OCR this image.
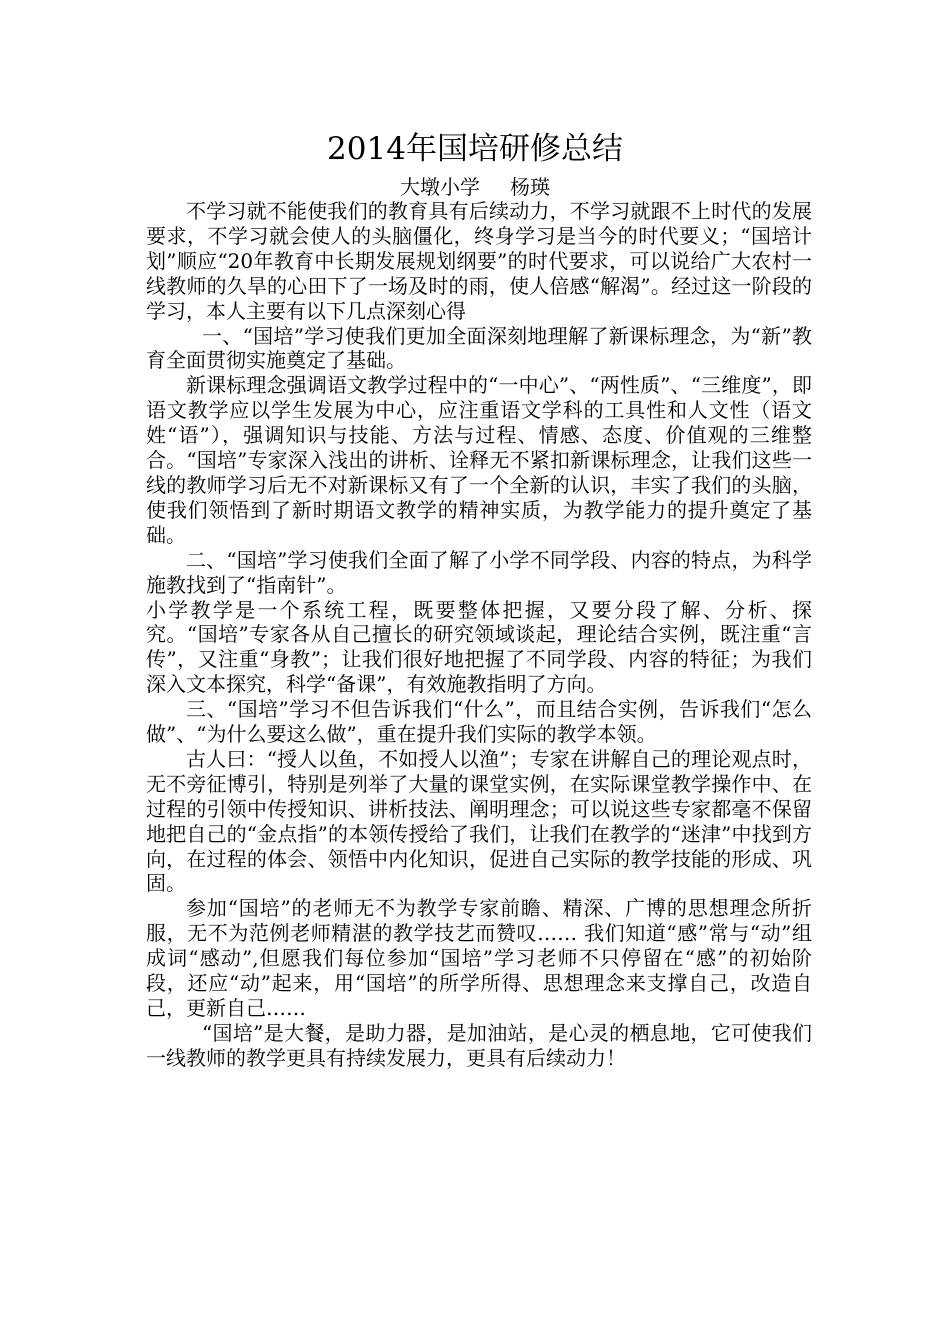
2014年国培研修总结
大墩小学 杨瑛

不学习就不能使我们的教育具有后续动力，不学习就跟不上时代的发展要求，不学习就会使人的头脑僵化，终身学习是当今的时代要义；“国培计划”顺应“20年教育中长期发展规划纲要”的时代要求，可以说给广大农村一线教师的久旱的心田下了一场及时的雨，使人倍感“解渴”。经过这一阶段的学习，本人主要有以下几点深刻心得

一、“国培”学习使我们更加全面深刻地理解了新课标理念，为“新”教育全面贯彻实施奠定了基础。

新课标理念强调语文教学过程中的“一中心”、“两性质”、“三维度”，即语文教学应以学生发展为中心，应注重语文学科的工具性和人文性（语文姓“语”），强调知识与技能、方法与过程、情感、态度、价值观的三维整合。“国培”专家深入浅出的讲析、诠释无不紧扣新课标理念，让我们这些一线的教师学习后无不对新课标又有了一个全新的认识，丰实了我们的头脑，使我们领悟到了新时期语文教学的精神实质，为教学能力的提升奠定了基础。

二、“国培”学习使我们全面了解了小学不同学段、内容的特点，为科学施教找到了“指南针”。

小学教学是一个系统工程，既要整体把握，又要分段了解、分析、探究。“国培”专家各从自己擅长的研究领域谈起，理论结合实例，既注重“言传”，又注重“身教”；让我们很好地把握了不同学段、内容的特征；为我们深入文本探究，科学“备课”，有效施教指明了方向。

三、“国培”学习不但告诉我们“什么”，而且结合实例，告诉我们“怎么做”、“为什么要这么做”，重在提升我们实际的教学本领。

古人曰：“授人以鱼，不如授人以渔”；专家在讲解自己的理论观点时，无不旁征博引，特别是列举了大量的课堂实例，在实际课堂教学操作中、在过程的引领中传授知识、讲析技法、阐明理念；可以说这些专家都毫不保留地把自己的“金点指”的本领传授给了我们，让我们在教学的“迷津”中找到方向，在过程的体会、领悟中内化知识，促进自己实际的教学技能的形成、巩固。

参加“国培”的老师无不为教学专家前瞻、精深、广博的思想理念所折服，无不为范例老师精湛的教学技艺而赞叹…… 我们知道“感”常与“动”组成词“感动”,但愿我们每位参加“国培”学习老师不只停留在“感”的初始阶段，还应“动”起来，用“国培”的所学所得、思想理念来支撑自己，改造自己，更新自己……

“国培”是大餐，是助力器，是加油站，是心灵的栖息地，它可使我们一线教师的教学更具有持续发展力，更具有后续动力！
